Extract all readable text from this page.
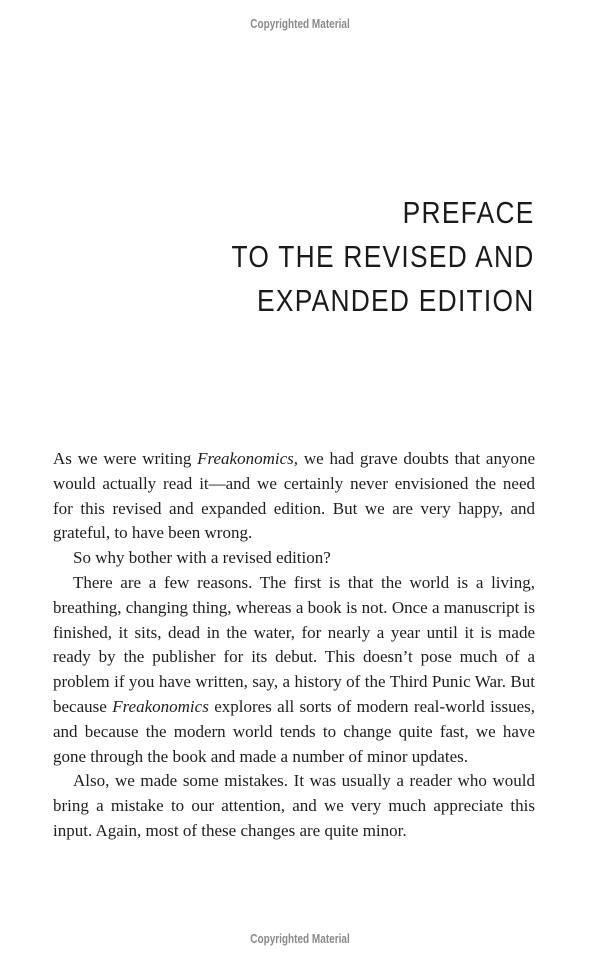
Copyrighted Material
PREFACE
TO THE REVISED AND
EXPANDED EDITION

As we were writing Freakonomics, we had grave doubts that anyone would actually read it—and we certainly never envisioned the need for this revised and expanded edition. But we are very happy, and grateful, to have been wrong.

So why bother with a revised edition?

There are a few reasons. The first is that the world is a living, breathing, changing thing, whereas a book is not. Once a manuscript is finished, it sits, dead in the water, for nearly a year until it is made ready by the publisher for its debut. This doesn’t pose much of a problem if you have written, say, a history of the Third Punic War. But because Freakonomics explores all sorts of modern real-world issues, and because the modern world tends to change quite fast, we have gone through the book and made a number of minor updates.

Also, we made some mistakes. It was usually a reader who would bring a mistake to our attention, and we very much appreciate this input. Again, most of these changes are quite minor.

Copyrighted Material
